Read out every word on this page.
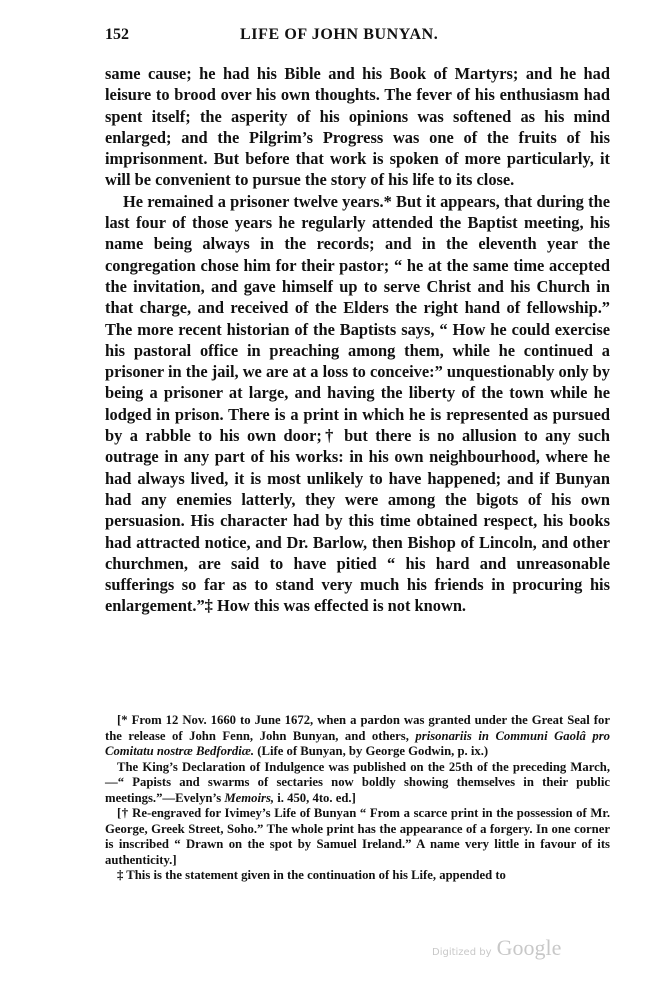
152	LIFE OF JOHN BUNYAN.

same cause; he had his Bible and his Book of Martyrs; and he had leisure to brood over his own thoughts. The fever of his enthusiasm had spent itself; the asperity of his opinions was softened as his mind enlarged; and the Pilgrim’s Progress was one of the fruits of his imprisonment. But before that work is spoken of more particularly, it will be convenient to pursue the story of his life to its close.

He remained a prisoner twelve years.* But it appears, that during the last four of those years he regularly attended the Baptist meeting, his name being always in the records; and in the eleventh year the congregation chose him for their pastor; “ he at the same time accepted the invitation, and gave himself up to serve Christ and his Church in that charge, and received of the Elders the right hand of fellowship.” The more recent historian of the Baptists says, “ How he could exercise his pastoral office in preaching among them, while he continued a prisoner in the jail, we are at a loss to conceive:” unquestionably only by being a prisoner at large, and having the liberty of the town while he lodged in prison. There is a print in which he is represented as pursued by a rabble to his own door;† but there is no allusion to any such outrage in any part of his works: in his own neighbourhood, where he had always lived, it is most unlikely to have happened; and if Bunyan had any enemies latterly, they were among the bigots of his own persuasion. His character had by this time obtained respect, his books had attracted notice, and Dr. Barlow, then Bishop of Lincoln, and other churchmen, are said to have pitied “ his hard and unreasonable sufferings so far as to stand very much his friends in procuring his enlargement.”‡ How this was effected is not known.

[* From 12 Nov. 1660 to June 1672, when a pardon was granted under the Great Seal for the release of John Fenn, John Bunyan, and others, prisonariis in Communi Gaolâ pro Comitatu nostræ Bedfordiæ. (Life of Bunyan, by George Godwin, p. ix.)

The King’s Declaration of Indulgence was published on the 25th of the preceding March,—“ Papists and swarms of sectaries now boldly showing themselves in their public meetings.”—Evelyn’s Memoirs, i. 450, 4to. ed.]

[† Re-engraved for Ivimey’s Life of Bunyan “ From a scarce print in the possession of Mr. George, Greek Street, Soho.” The whole print has the appearance of a forgery. In one corner is inscribed “ Drawn on the spot by Samuel Ireland.” A name very little in favour of its authenticity.]

‡ This is the statement given in the continuation of his Life, appended to

Digitized by Google
